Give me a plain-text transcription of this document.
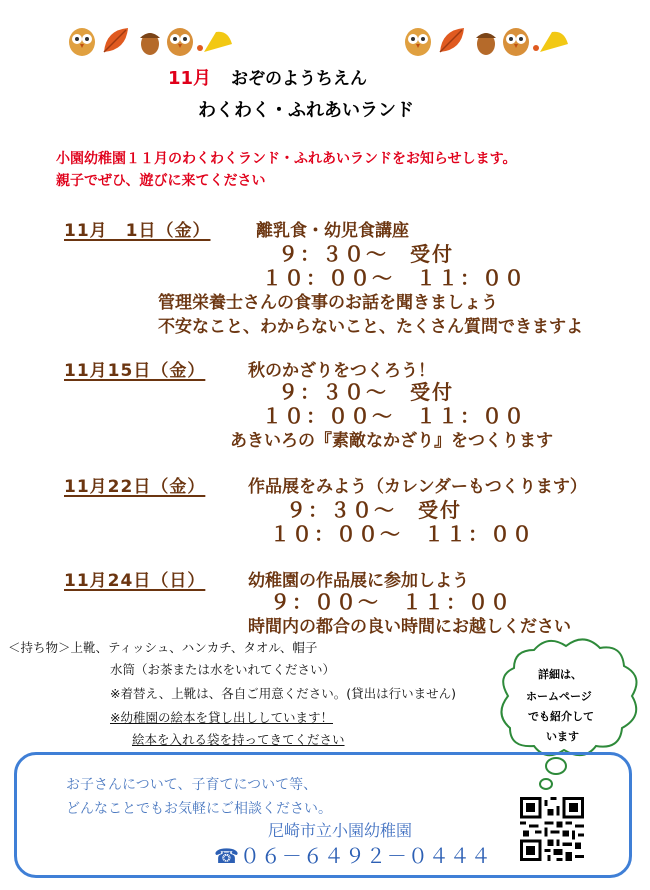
11月 おぞのようちえん
わくわく・ふれあいランド
小園幼稚園１１月のわくわくランド・ふれあいランドをお知らせします。
親子でぜひ、遊びに来てください
11月　1日（金）	離乳食・幼児食講座
９：３０～　受付
１０：００～　１１：００
管理栄養士さんの食事のお話を聞きましょう
不安なこと、わからないこと、たくさん質問できますよ
11月15日（金）	秋のかざりをつくろう！
９：３０～　受付
１０：００～　１１：００
あきいろの『素敵なかざり』をつくります
11月22日（金）	作品展をみよう（カレンダーもつくります）
９：３０～　受付
１０：００～　１１：００
11月24日（日）	幼稚園の作品展に参加しよう
９：００～　１１：００
時間内の都合の良い時間にお越しください
＜持ち物＞上靴、ティッシュ、ハンカチ、タオル、帽子
水筒（お茶または水をいれてください）
※着替え、上靴は、各自ご用意ください。(貸出は行いません)
※幼稚園の絵本を貸し出ししています！
絵本を入れる袋を持ってきてください
詳細は、
ホームページ
でも紹介して
います
お子さんについて、子育てについて等、
どんなことでもお気軽にご相談ください。
尼崎市立小園幼稚園
☎０６－６４９２－０４４４
